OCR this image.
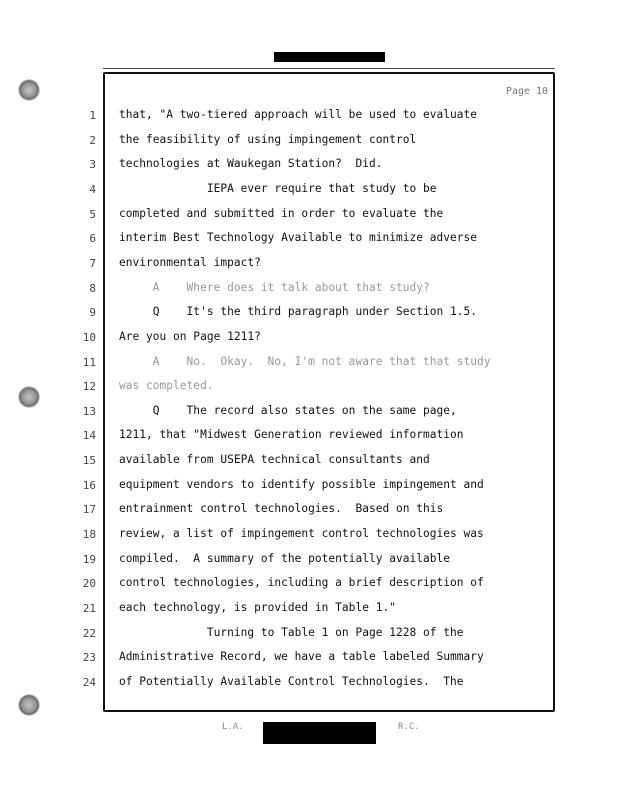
Page 10
1 that, "A two-tiered approach will be used to evaluate
2 the feasibility of using impingement control
3 technologies at Waukegan Station?  Did.
4 IEPA ever require that study to be
5 completed and submitted in order to evaluate the
6 interim Best Technology Available to minimize adverse
7 environmental impact?
8 A    Where does it talk about that study?
9 Q    It's the third paragraph under Section 1.5.
10 Are you on Page 1211?
11 A    No.  Okay.  No, I'm not aware that that study
12 was completed.
13 Q    The record also states on the same page,
14 1211, that "Midwest Generation reviewed information
15 available from USEPA technical consultants and
16 equipment vendors to identify possible impingement and
17 entrainment control technologies.  Based on this
18 review, a list of impingement control technologies was
19 compiled.  A summary of the potentially available
20 control technologies, including a brief description of
21 each technology, is provided in Table 1."
22 Turning to Table 1 on Page 1228 of the
23 Administrative Record, we have a table labeled Summary
24 of Potentially Available Control Technologies.  The
L.A.	R.C.
